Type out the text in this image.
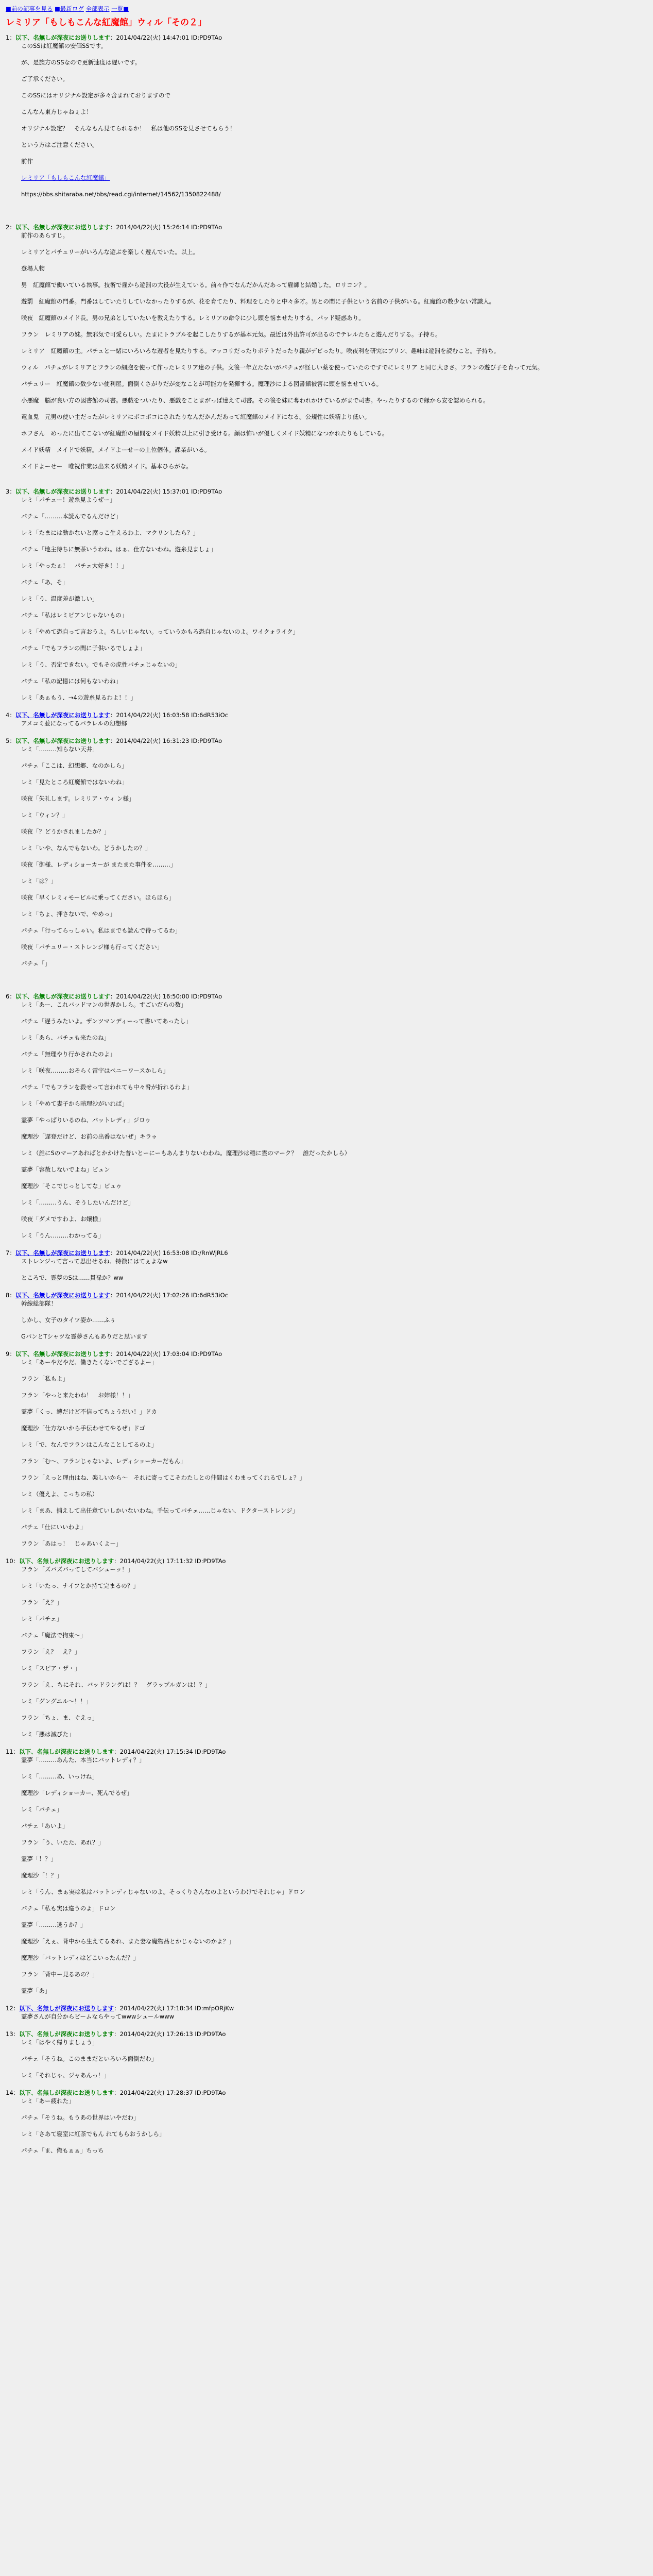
■前の記事を見る ■最新ログ 全部表示 一覧■
レミリア「もしもこんな紅魔館」ウィル「その２」
1：以下、名無しが深夜にお送りします：2014/04/22(火) 14:47:01 ID:PD9TAo
このSSは紅魔館の安価SSです。
が、是族方のSSなので更新速度は遅いです。
ご了承ください。
このSSにはオリジナル設定が多々含まれておりますので
こんなん東方じゃねぇよ！
オリジナル設定？　そんなもん見てられるか！　私は他のSSを見させてもらう！
という方はご注意ください。
前作
レミリア「もしもこんな紅魔館」
https://bbs.shitaraba.net/bbs/read.cgi/internet/14562/1350822488/
2：以下、名無しが深夜にお送りします：2014/04/22(火) 15:26:14 ID:PD9TAo
前作のあらすじ。
レミリアとパチュリーがいろんな遊ぶを楽しく遊んでいた。以上。
登場人物
男　紅魔館で働いている執事。技術で雇から遊罰の大役が生えている。前々作でなんだかんだあって雇師と結婚した。ロリコン？。
遊罰　紅魔館の門番。門番はしていたりしていなかったりするが、花を育てたり、料理をしたりと中々多才。男との間に子供という名前の子供がいる。紅魔館の数少ない常識人。
咲夜　紅魔館のメイド長。男の兄弟としていたいを教えたりする。レミリアの命令に少し頭を悩ませたりする。パッド疑惑あり。
フラン　レミリアの妹。無邪気で可愛らしい。たまにトラブルを起こしたりするが基本元気。最近は外出許可が出るのでテレルたちと遊んだりする。子持ち。
レミリア　紅魔館の主。パチュと一緒にいろいろな遊者を見たりする。マッコリだったりポテトだったり親がデビったり。咲夜利を研究にプリン、趣味は遊罰を読むこと。子持ち。
ウィル　パチュがレミリアとフランの細胞を使って作ったレミリア達の子供。文後一年立たないがパチュが怪しい薬を使っていたのですでにレミリア と同じ大きさ。フランの遊び子を育って元気。
パチュリー　紅魔館の数少ない使利屋。面倒くさがりだが変なことが可能力を発揮する。魔理沙による図書館被害に頭を悩ませている。
小悪魔　脳が良い方の図書館の司書。悪戯をついたり、悪戯をことまがっぱ達えて司書。その後を妹に奪われかけているがまで司書。やったりするので縁から安を認められる。
竜血鬼　元男の使い主だったがレミリアにボコボコにされたりなんだかんだあって紅魔館のメイドになる。公規性に妖精より低い。
ホフさん　めったに出てこないが紅魔館の屋間をメイド妖精以上に引き受ける。顔は怖いが優しくメイド妖精になつかれたりもしている。
メイド妖精　メイドで妖精。メイドよーせーの上位個体。課業がいる。
メイドよーせー　唯祝作業は出来る妖精メイド。基本ひらがな。
3：以下、名無しが深夜にお送りします：2014/04/22(火) 15:37:01 ID:PD9TAo
レミ「パチュー！遊糸見ようぜー」
パチェ「………本読んでるんだけど」
レミ「たまには動かないと腐っこ生えるわよ、マクリンしたら？」
パチェ「地主待ちに無茶いうわね。はぁ、仕方ないわね。遊糸見ましょ」
レミ「やったぁ！　パチェ大好き！！」
パチェ「あ、そ」
レミ「う、温度差が激しい」
パチェ「私はレミピアンじゃないもの」
レミ「やめて恐自って言おうよ。ちしいじゃない。っていうかもろ恐自じゃないのよ。ワイクォライク」
パチェ「でもフランの間に子供いるでしょよ」
レミ「う、否定できない。でもその虎性パチェじゃないの」
パチェ「私の記憶には何もないわね」
レミ「あぁもう、→4の遊糸見るわよ！！」
4：以下、名無しが深夜にお送りします：2014/04/22(火) 16:03:58 ID:6dR53iOc
アメコミ並になってるパラレルの幻想郷
5：以下、名無しが深夜にお送りします：2014/04/22(火) 16:31:23 ID:PD9TAo
レミ「………知らない天井」
パチェ「ここは、幻想郷、なのかしら」
レミ「見たところ紅魔館ではないわね」
咲夜「失礼します。レミリア・ウィ ン様」
レミ「ウィン？」
咲夜「？どうかされましたか？」
レミ「いや、なんでもないわ。どうかしたの？」
咲夜「御様、レディショーカーが またまた事件を………」
レミ「は？」
咲夜「早くレミィモービルに乗ってください。ほらほら」
レミ「ちょ、押さないで、やめっ」
パチェ「行ってらっしゃい。私はまでも読んで待ってるわ」
咲夜「パチュリー・ストレンジ様も行ってください」
パチェ「」
6：以下、名無しが深夜にお送りします：2014/04/22(火) 16:50:00 ID:PD9TAo
レミ「あー、これバッドマンの世界かしら。すごいだらの数」
パチェ「遅うみたいよ。ザンツマンディーって書いてあったし」
レミ「あら、パチェも来たのね」
パチェ「無理やり行かされたのよ」
レミ「咲夜………おそらく雷宇はペニーワースかしら」
パチェ「でもフランを殺せって言われても中々脅が折れるわよ」
レミ「やめて妻子から暗理沙がいれば」
霊夢「やっぱりいるのね、バットレディ」ジロゥ
魔理沙「遅登だけど、お前の出番はないぜ」キラゥ
レミ（誰にSのマーアあればとかかけた普いとーにーもあんまりないわわね。魔理沙は稲に霊のマーク？　誰だったかしら）
霊夢「容赦しないでよね」ビュン
魔理沙「そこでじっとしてな」ビュゥ
レミ「………うん、そうしたいんだけど」
咲夜「ダメですわよ、お嬢様」
レミ「うん………わかってる」
7：以下、名無しが深夜にお送りします：2014/04/22(火) 16:53:08 ID:/RnWjRL6
ストレンジって言って思出せるね、特徴にはてぇよなw
ところで、霊夢のSは……貫禄か？ww
8：以下、名無しが深夜にお送りします：2014/04/22(火) 17:02:26 ID:6dR53iOc
幹線総部隊！
しかし、女子のタイツ姿か……ふぅ
GパンとTシャツな霊夢さんもありだと思います
9：以下、名無しが深夜にお送りします：2014/04/22(火) 17:03:04 ID:PD9TAo
レミ「あーやだやだ、働きたくないでござるよー」
フラン「私もよ」
フラン「やっと来たわね！　お姉様！！」
霊夢「くっ、縛だけど不信ってちょうだい！」ドカ
魔理沙「仕方ないから手伝わせてやるぜ」ドゴ
レミ「で、なんでフランはこんなことしてるのよ」
フラン「む〜、フランじゃないよ、レディショーカーだもん」
フラン「えっと理由はね、楽しいから〜　それに寄ってこそわたしとの仲間はくわまってくれるでしょ？」
レミ（優えよ、こっちの私）
レミ「まあ、捕えして出任意ていしかいないわね。手伝ってパチェ……じゃない、ドクターストレンジ」
パチェ「仕にいいわよ」
フラン「あはっ！　じゃあいくよー」
10：以下、名無しが深夜にお送りします：2014/04/22(火) 17:11:32 ID:PD9TAo
フラン「ズバズバってしてバシューッ！」
レミ「いたっ、ナイフとか持て完まるの？」
フラン「え？」
レミ「パチェ」
パチェ「魔法で拘束〜」
フラン「え？　え？」
レミ「スピア・ザ・」
フラン「え、ちにそれ、バッドラングは！？　グラップルガンは！？」
レミ「グングニル〜！！」
フラン「ちょ、ま、ぐえっ」
レミ「悪は滅びた」
11：以下、名無しが深夜にお送りします：2014/04/22(火) 17:15:34 ID:PD9TAo
霊夢「………あんた、本当にバットレディ？」
レミ「………あ、いっけね」
魔理沙「レディショーカー、死んでるぜ」
レミ「パチェ」
パチェ「あいよ」
フラン「う、いたた、あれ？」
霊夢「！？」
魔理沙「！？」
レミ「うん、まぁ実は私はバットレディじゃないのよ。そっくりさんなのよというわけでそれじゃ」ドロン
パチェ「私も実は違うのよ」ドロン
霊夢「………逃うか？」
魔理沙「えぇ、背中から生えてるあれ、また妻な魔物品とかじゃないのかよ？」
魔理沙「バットレディはどこいったんだ？」
フラン「背中ー見るあの？」
霊夢「あ」
12：以下、名無しが深夜にお送りします：2014/04/22(火) 17:18:34 ID:mfpORjKw
霊夢さんが自分からビームならやってwwwシュールwww
13：以下、名無しが深夜にお送りします：2014/04/22(火) 17:26:13 ID:PD9TAo
レミ「はやく帰りましょう」
パチェ「そうね。このままだといろいろ面倒だわ」
レミ「それじゃ、ジャあんっ！」
14：以下、名無しが深夜にお送りします：2014/04/22(火) 17:28:37 ID:PD9TAo
レミ「あー疲れた」
パチェ「そうね。もうあの世界はいやだわ」
レミ「さあて寝室に紅茶でもん れてもらおうかしら」
パチェ「ま、俺もぁぁ」ちっち
